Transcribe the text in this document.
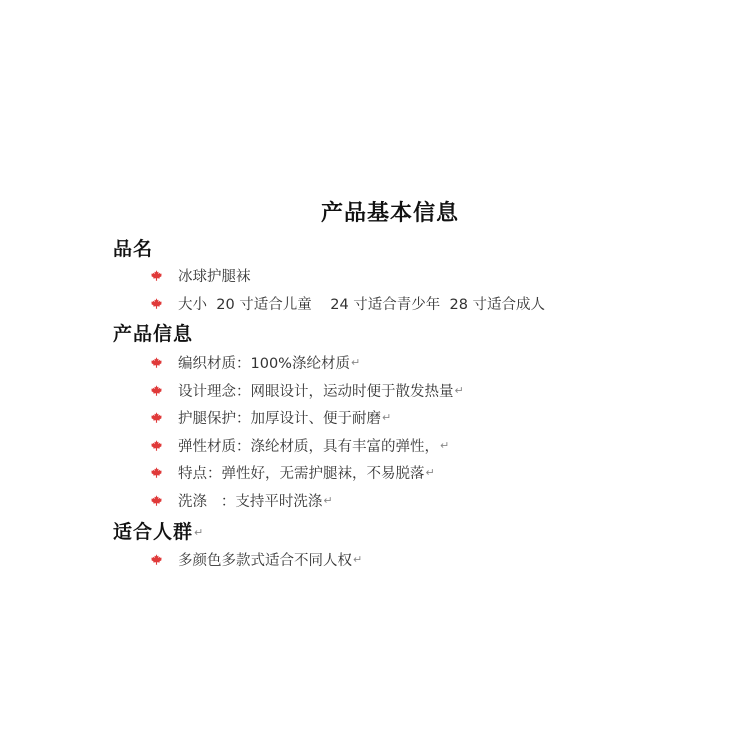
产品基本信息
品名
冰球护腿袜
大小  20 寸适合儿童    24 寸适合青少年  28 寸适合成人
产品信息
编织材质：100%涤纶材质 ↵
设计理念：网眼设计，运动时便于散发热量 ↵
护腿保护：加厚设计、便于耐磨 ↵
弹性材质：涤纶材质，具有丰富的弹性， ↵
特点：弹性好，无需护腿袜，不易脱落 ↵
洗涤   ：支持平时洗涤 ↵
适合人群↵
多颜色多款式适合不同人权 ↵
